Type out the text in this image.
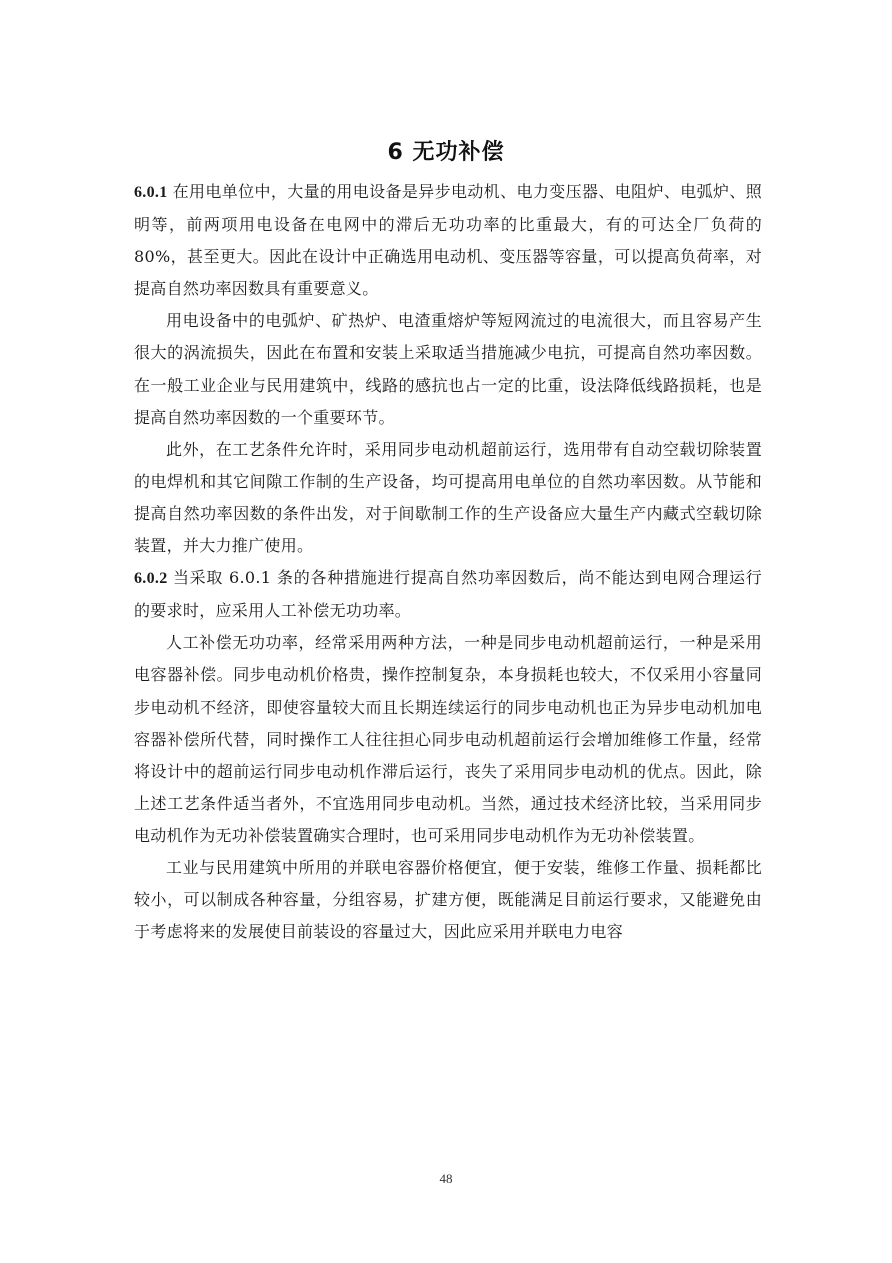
6 无功补偿

6.0.1 在用电单位中，大量的用电设备是异步电动机、电力变压器、电阻炉、电弧炉、照明等，前两项用电设备在电网中的滞后无功功率的比重最大，有的可达全厂负荷的 80%，甚至更大。因此在设计中正确选用电动机、变压器等容量，可以提高负荷率，对提高自然功率因数具有重要意义。

用电设备中的电弧炉、矿热炉、电渣重熔炉等短网流过的电流很大，而且容易产生很大的涡流损失，因此在布置和安装上采取适当措施减少电抗，可提高自然功率因数。在一般工业企业与民用建筑中，线路的感抗也占一定的比重，设法降低线路损耗，也是提高自然功率因数的一个重要环节。

此外，在工艺条件允许时，采用同步电动机超前运行，选用带有自动空载切除装置的电焊机和其它间隙工作制的生产设备，均可提高用电单位的自然功率因数。从节能和提高自然功率因数的条件出发，对于间歇制工作的生产设备应大量生产内藏式空载切除装置，并大力推广使用。

6.0.2 当采取 6.0.1 条的各种措施进行提高自然功率因数后，尚不能达到电网合理运行的要求时，应采用人工补偿无功功率。

人工补偿无功功率，经常采用两种方法，一种是同步电动机超前运行，一种是采用电容器补偿。同步电动机价格贵，操作控制复杂，本身损耗也较大，不仅采用小容量同步电动机不经济，即使容量较大而且长期连续运行的同步电动机也正为异步电动机加电容器补偿所代替，同时操作工人往往担心同步电动机超前运行会增加维修工作量，经常将设计中的超前运行同步电动机作滞后运行，丧失了采用同步电动机的优点。因此，除上述工艺条件适当者外，不宜选用同步电动机。当然，通过技术经济比较，当采用同步电动机作为无功补偿装置确实合理时，也可采用同步电动机作为无功补偿装置。

工业与民用建筑中所用的并联电容器价格便宜，便于安装，维修工作量、损耗都比较小，可以制成各种容量，分组容易，扩建方便，既能满足目前运行要求，又能避免由于考虑将来的发展使目前装设的容量过大，因此应采用并联电力电容

48
